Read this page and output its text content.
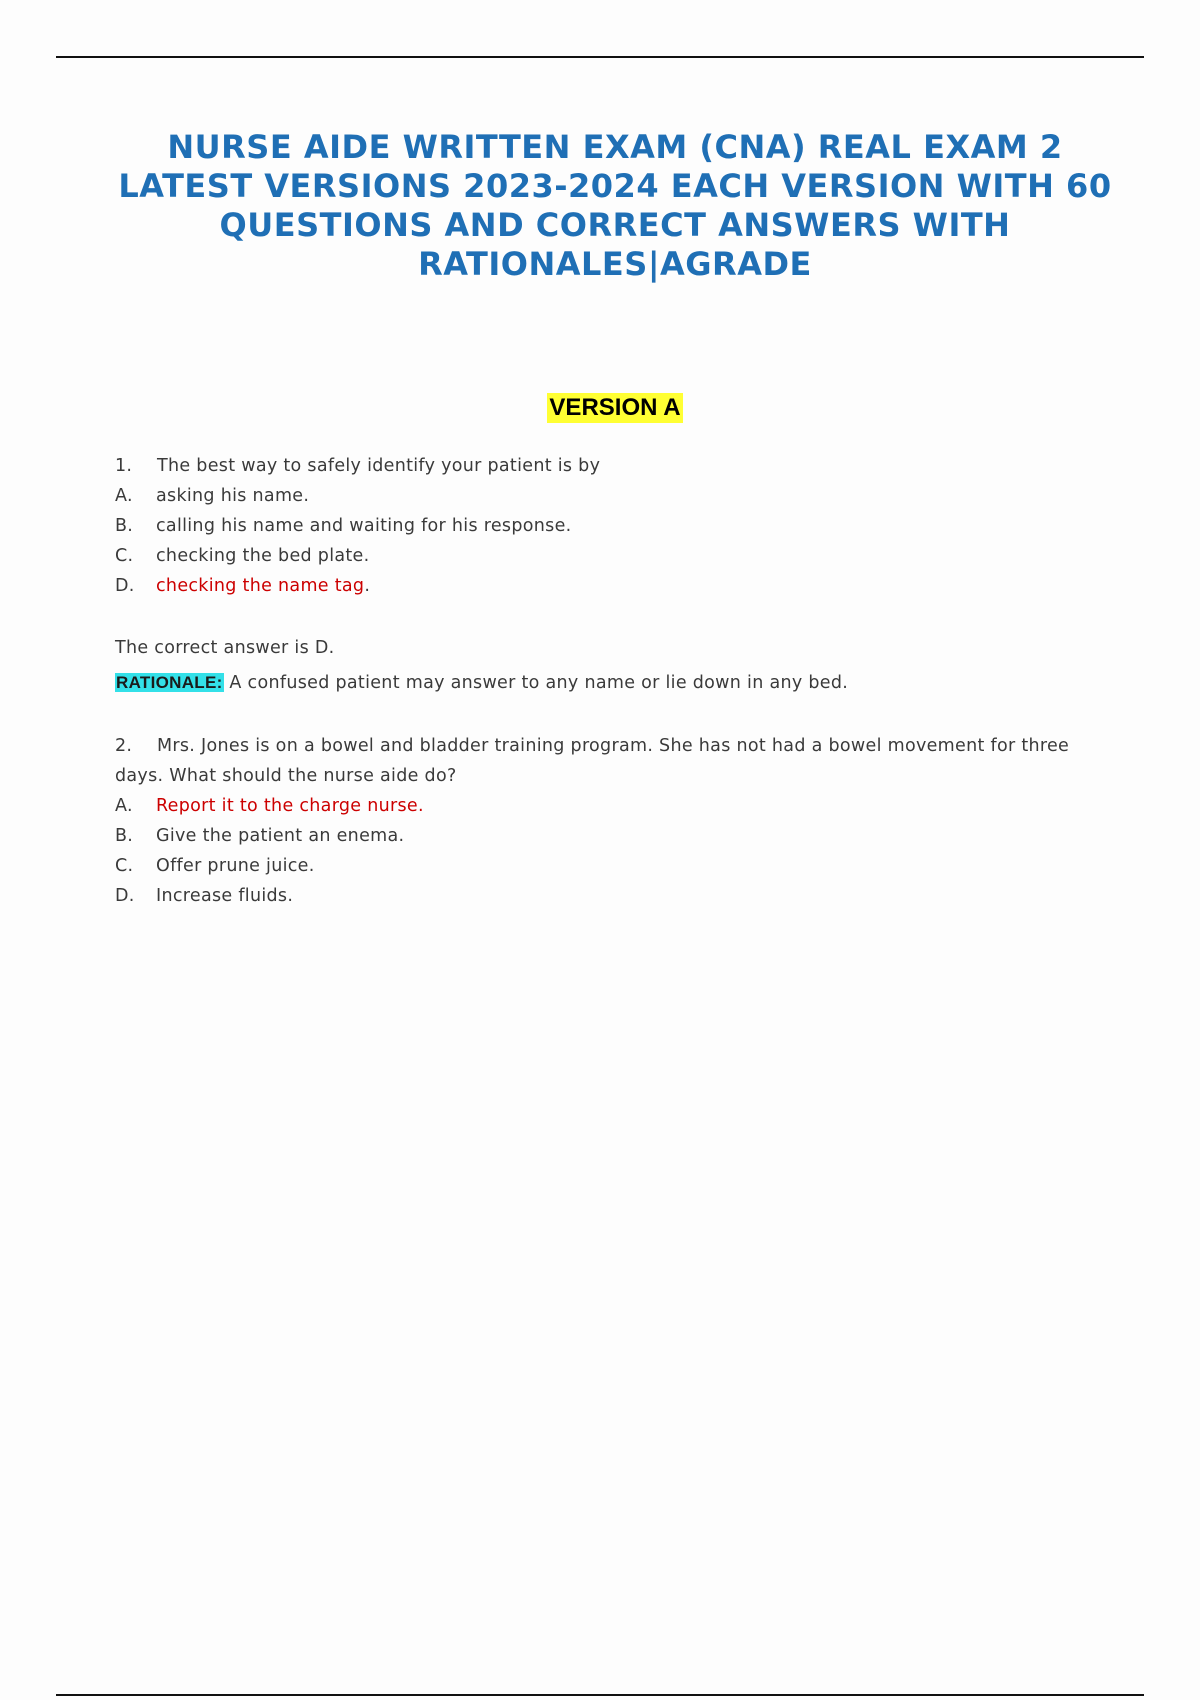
NURSE AIDE WRITTEN EXAM (CNA) REAL EXAM 2 LATEST VERSIONS 2023-2024 EACH VERSION WITH 60 QUESTIONS AND CORRECT ANSWERS WITH RATIONALES|AGRADE
VERSION A
1. The best way to safely identify your patient is by
A. asking his name.
B. calling his name and waiting for his response.
C. checking the bed plate.
D. checking the name tag.
The correct answer is D.
RATIONALE: A confused patient may answer to any name or lie down in any bed.
2. Mrs. Jones is on a bowel and bladder training program. She has not had a bowel movement for three days. What should the nurse aide do?
A. Report it to the charge nurse.
B. Give the patient an enema.
C. Offer prune juice.
D. Increase fluids.
